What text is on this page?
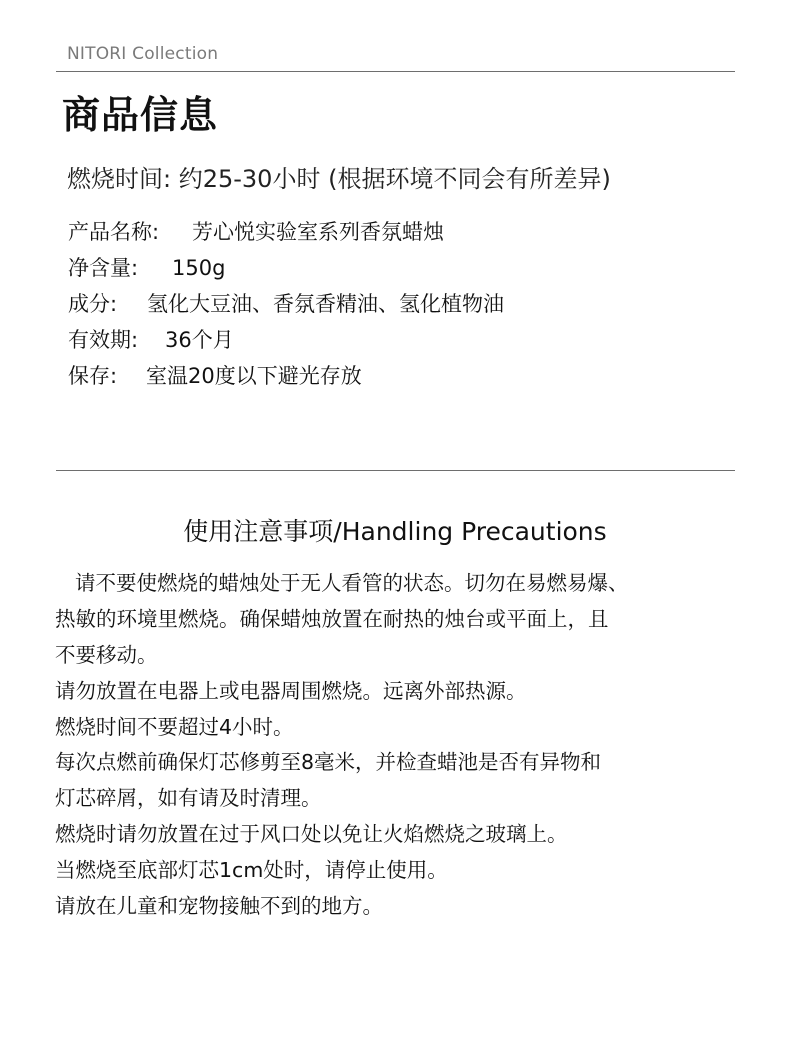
NITORI Collection
商品信息
燃烧时间: 约25-30小时 (根据环境不同会有所差异)
产品名称: 芳心悦实验室系列香氛蜡烛
净含量: 150g
成分: 氢化大豆油、香氛香精油、氢化植物油
有效期: 36个月
保存: 室温20度以下避光存放
使用注意事项/Handling Precautions
请不要使燃烧的蜡烛处于无人看管的状态。切勿在易燃易爆、
热敏的环境里燃烧。确保蜡烛放置在耐热的烛台或平面上，且
不要移动。
请勿放置在电器上或电器周围燃烧。远离外部热源。
燃烧时间不要超过4小时。
每次点燃前确保灯芯修剪至8毫米，并检查蜡池是否有异物和
灯芯碎屑，如有请及时清理。
燃烧时请勿放置在过于风口处以免让火焰燃烧之玻璃上。
当燃烧至底部灯芯1cm处时，请停止使用。
请放在儿童和宠物接触不到的地方。
